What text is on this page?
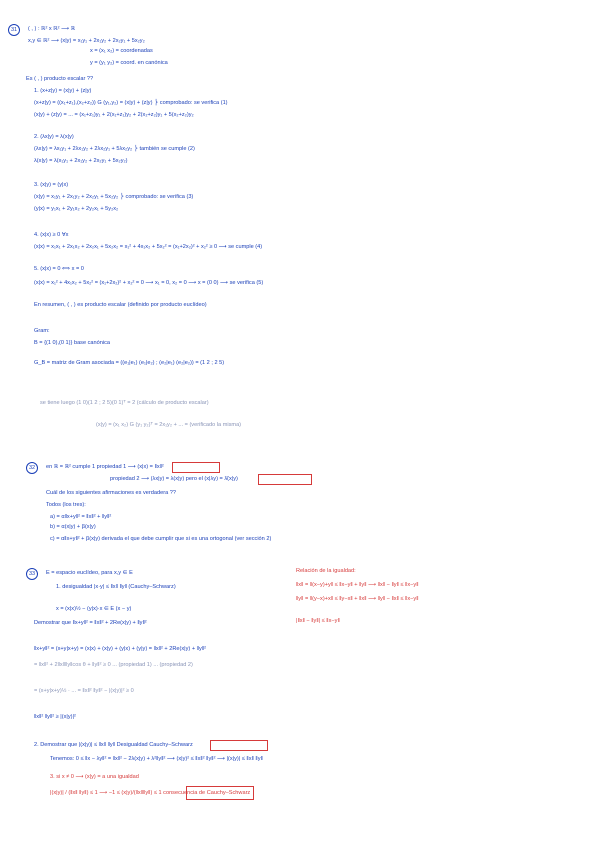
31	( , ) : ℝ² x ℝ² ⟶ ℝ
x,y ∈ ℝ² ⟶ (x|y) = x₁y₁ + 2x₁y₂ + 2x₂y₁ + 5x₂y₂
x = (x₁ x₂) = coordenadas
y = (y₁ y₂) = coord. en canónica
Es ( , ) producto escalar ??
1. (x+z|y) = (x|y) + (z|y)
(x+z|y) = ((x₁+z₁),(x₂+z₂)) G (y₁,y₂) = (x|y) + (z|y) ⎬ comprobado: se verifica (1)
(x|y) + (z|y) = ... = (x₁+z₁)y₁ + 2(x₁+z₁)y₂ + 2(x₂+z₂)y₁ + 5(x₂+z₂)y₂
2. (λx|y) = λ(x|y)
(λx|y) = λx₁y₁ + 2λx₁y₂ + 2λx₂y₁ + 5λx₂y₂ ⎬ también se cumple (2)
λ(x|y) = λ(x₁y₁ + 2x₁y₂ + 2x₂y₁ + 5x₂y₂)
3. (x|y) = (y|x)
(x|y) = x₁y₁ + 2x₁y₂ + 2x₂y₁ + 5x₂y₂ ⎬ comprobado: se verifica (3)
(y|x) = y₁x₁ + 2y₁x₂ + 2y₂x₁ + 5y₂x₂
4. (x|x) ≥ 0 ∀x
(x|x) = x₁x₁ + 2x₁x₂ + 2x₂x₁ + 5x₂x₂ = x₁² + 4x₁x₂ + 5x₂² = (x₁+2x₂)² + x₂² ≥ 0 ⟶ se cumple (4)
5. (x|x) = 0 ⟺ x = 0
(x|x) = x₁² + 4x₁x₂ + 5x₂² = (x₁+2x₂)² + x₂² = 0 ⟶ x₁ = 0, x₂ = 0 ⟶ x = (0 0) ⟶ se verifica (5)
En resumen, ( , ) es producto escalar (definido por producto euclídeo)
Gram:
B = {(1 0),(0 1)} base canónica
G_B = matriz de Gram asociada = ((e₁|e₁) (e₁|e₂) ; (e₂|e₁) (e₂|e₂)) = (1 2 ; 2 5)
se tiene luego (1 0)(1 2 ; 2 5)(0 1)ᵀ = 2 (cálculo de producto escalar)
(x|y) = (x₁ x₂) G (y₁ y₂)ᵀ = 2x₁y₂ + ... = (verificado la misma)
32	en ℝ = ℝ² cumple 1 propiedad 1 ⟶ (x|x) = ‖x‖²
propiedad 2 ⟶ (λx|y) = λ(x|y) pero el (x|λy) = λ̄(x|y)
Cuál de los siguientes afirmaciones es verdadera ??
Todos (los tres):
a) = α‖x+y‖² = ‖x‖² + ‖y‖²
b) = α(x|y) + β(x|y)
c) = α‖x+y‖² + β(x|y) derivada el que debe cumplir que si es una ortogonal (ver sección 2)
33	E = espacio euclídeo, para x,y ∈ E
1. desigualdad |x·y| ≤ ‖x‖ ‖y‖ (Cauchy–Schwarz)
x = (x|x)½ − (y|x)·x ∈ E (x − y)
Demostrar que ‖x+y‖² = ‖x‖² + 2Re(x|y) + ‖y‖²
Relación de la igualdad:
‖x‖ = ‖(x−y)+y‖ ≤ ‖x−y‖ + ‖y‖ ⟶ ‖x‖ − ‖y‖ ≤ ‖x−y‖
‖y‖ = ‖(y−x)+x‖ ≤ ‖y−x‖ + ‖x‖ ⟶ ‖y‖ − ‖x‖ ≤ ‖x−y‖
|‖x‖ − ‖y‖| ≤ ‖x−y‖
‖x+y‖² = (x+y|x+y) = (x|x) + (x|y) + (y|x) + (y|y) = ‖x‖² + 2Re(x|y) + ‖y‖²
= ‖x‖² + 2‖x‖‖y‖cos θ + ‖y‖² ≥ 0 ... (propiedad 1) ... (propiedad 2)
= (x+y|x+y)½ · ... = ‖x‖² ‖y‖² − |(x|y)|² ≥ 0
‖x‖² ‖y‖² ≥ |(x|y)|²
2. Demostrar que |(x|y)| ≤ ‖x‖ ‖y‖ Desigualdad Cauchy–Schwarz
Tenemos: 0 ≤ ‖x − λy‖² = ‖x‖² − 2λ(x|y) + λ²‖y‖² ⟶ (x|y)² ≤ ‖x‖² ‖y‖² ⟶ |(x|y)| ≤ ‖x‖ ‖y‖
3. si x ≠ 0 ⟶ (x|y) = a una igualdad
|(x|y)| / (‖x‖ ‖y‖) ≤ 1 ⟶ −1 ≤ (x|y)/(‖x‖‖y‖) ≤ 1 consecuencia de Cauchy–Schwarz
